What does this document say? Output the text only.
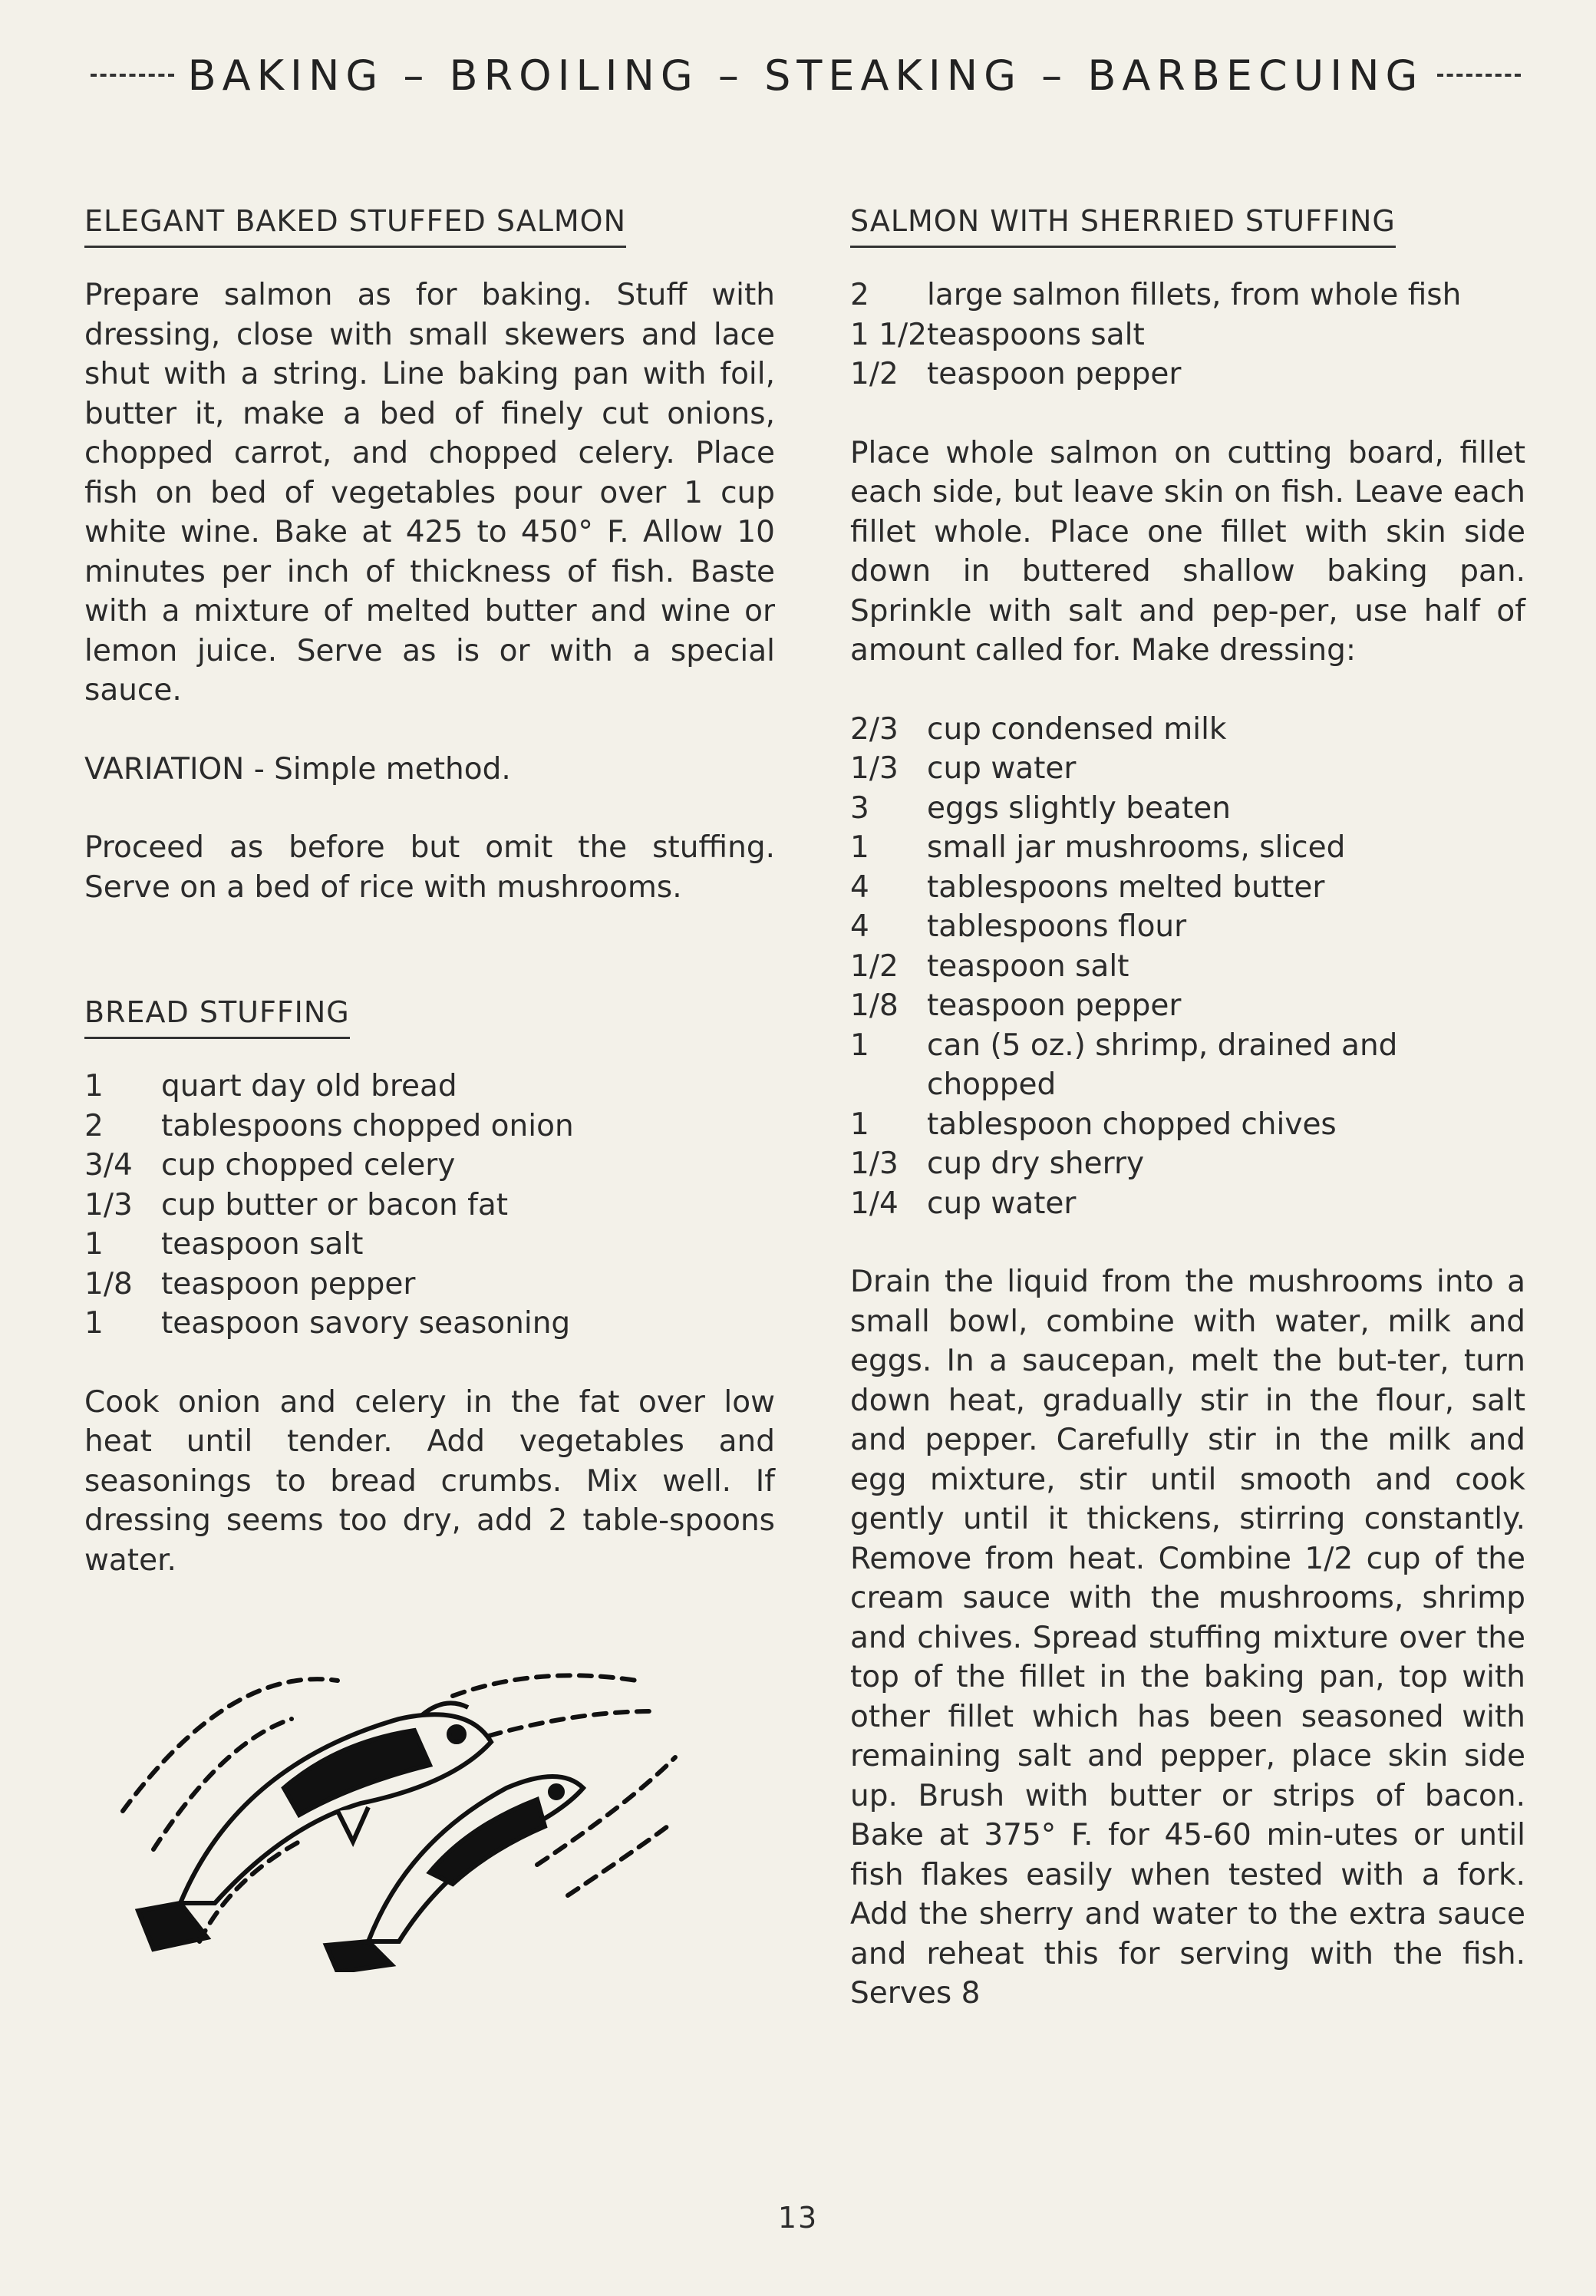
BAKING – BROILING – STEAKING – BARBECUING
ELEGANT BAKED STUFFED SALMON

Prepare salmon as for baking. Stuff with dressing, close with small skewers and lace shut with a string. Line baking pan with foil, butter it, make a bed of finely cut onions, chopped carrot, and chopped celery. Place fish on bed of vegetables pour over 1 cup white wine. Bake at 425 to 450° F. Allow 10 minutes per inch of thickness of fish. Baste with a mixture of melted butter and wine or lemon juice. Serve as is or with a special sauce.

VARIATION - Simple method.

Proceed as before but omit the stuffing. Serve on a bed of rice with mushrooms.

BREAD STUFFING
1	quart day old bread
2	tablespoons chopped onion
3/4 cup chopped celery
1/3 cup butter or bacon fat
1	teaspoon salt
1/8 teaspoon pepper
1	teaspoon savory seasoning

Cook onion and celery in the fat over low heat until tender. Add vegetables and seasonings to bread crumbs. Mix well. If dressing seems too dry, add 2 table-spoons water.

SALMON WITH SHERRIED STUFFING
2	large salmon fillets, from whole fish
1 1/2 teaspoons salt
1/2 teaspoon pepper

Place whole salmon on cutting board, fillet each side, but leave skin on fish. Leave each fillet whole. Place one fillet with skin side down in buttered shallow baking pan. Sprinkle with salt and pep-per, use half of amount called for. Make dressing:

2/3 cup condensed milk
1/3 cup water
3	eggs slightly beaten
1	small jar mushrooms, sliced
4	tablespoons melted butter
4	tablespoons flour
1/2 teaspoon salt
1/8 teaspoon pepper
1	can (5 oz.) shrimp, drained and chopped
1	tablespoon chopped chives
1/3 cup dry sherry
1/4 cup water

Drain the liquid from the mushrooms into a small bowl, combine with water, milk and eggs. In a saucepan, melt the but-ter, turn down heat, gradually stir in the flour, salt and pepper. Carefully stir in the milk and egg mixture, stir until smooth and cook gently until it thickens, stirring constantly. Remove from heat. Combine 1/2 cup of the cream sauce with the mushrooms, shrimp and chives. Spread stuffing mixture over the top of the fillet in the baking pan, top with other fillet which has been seasoned with remaining salt and pepper, place skin side up. Brush with butter or strips of bacon. Bake at 375° F. for 45-60 min-utes or until fish flakes easily when tested with a fork. Add the sherry and water to the extra sauce and reheat this for serving with the fish. Serves 8

13
